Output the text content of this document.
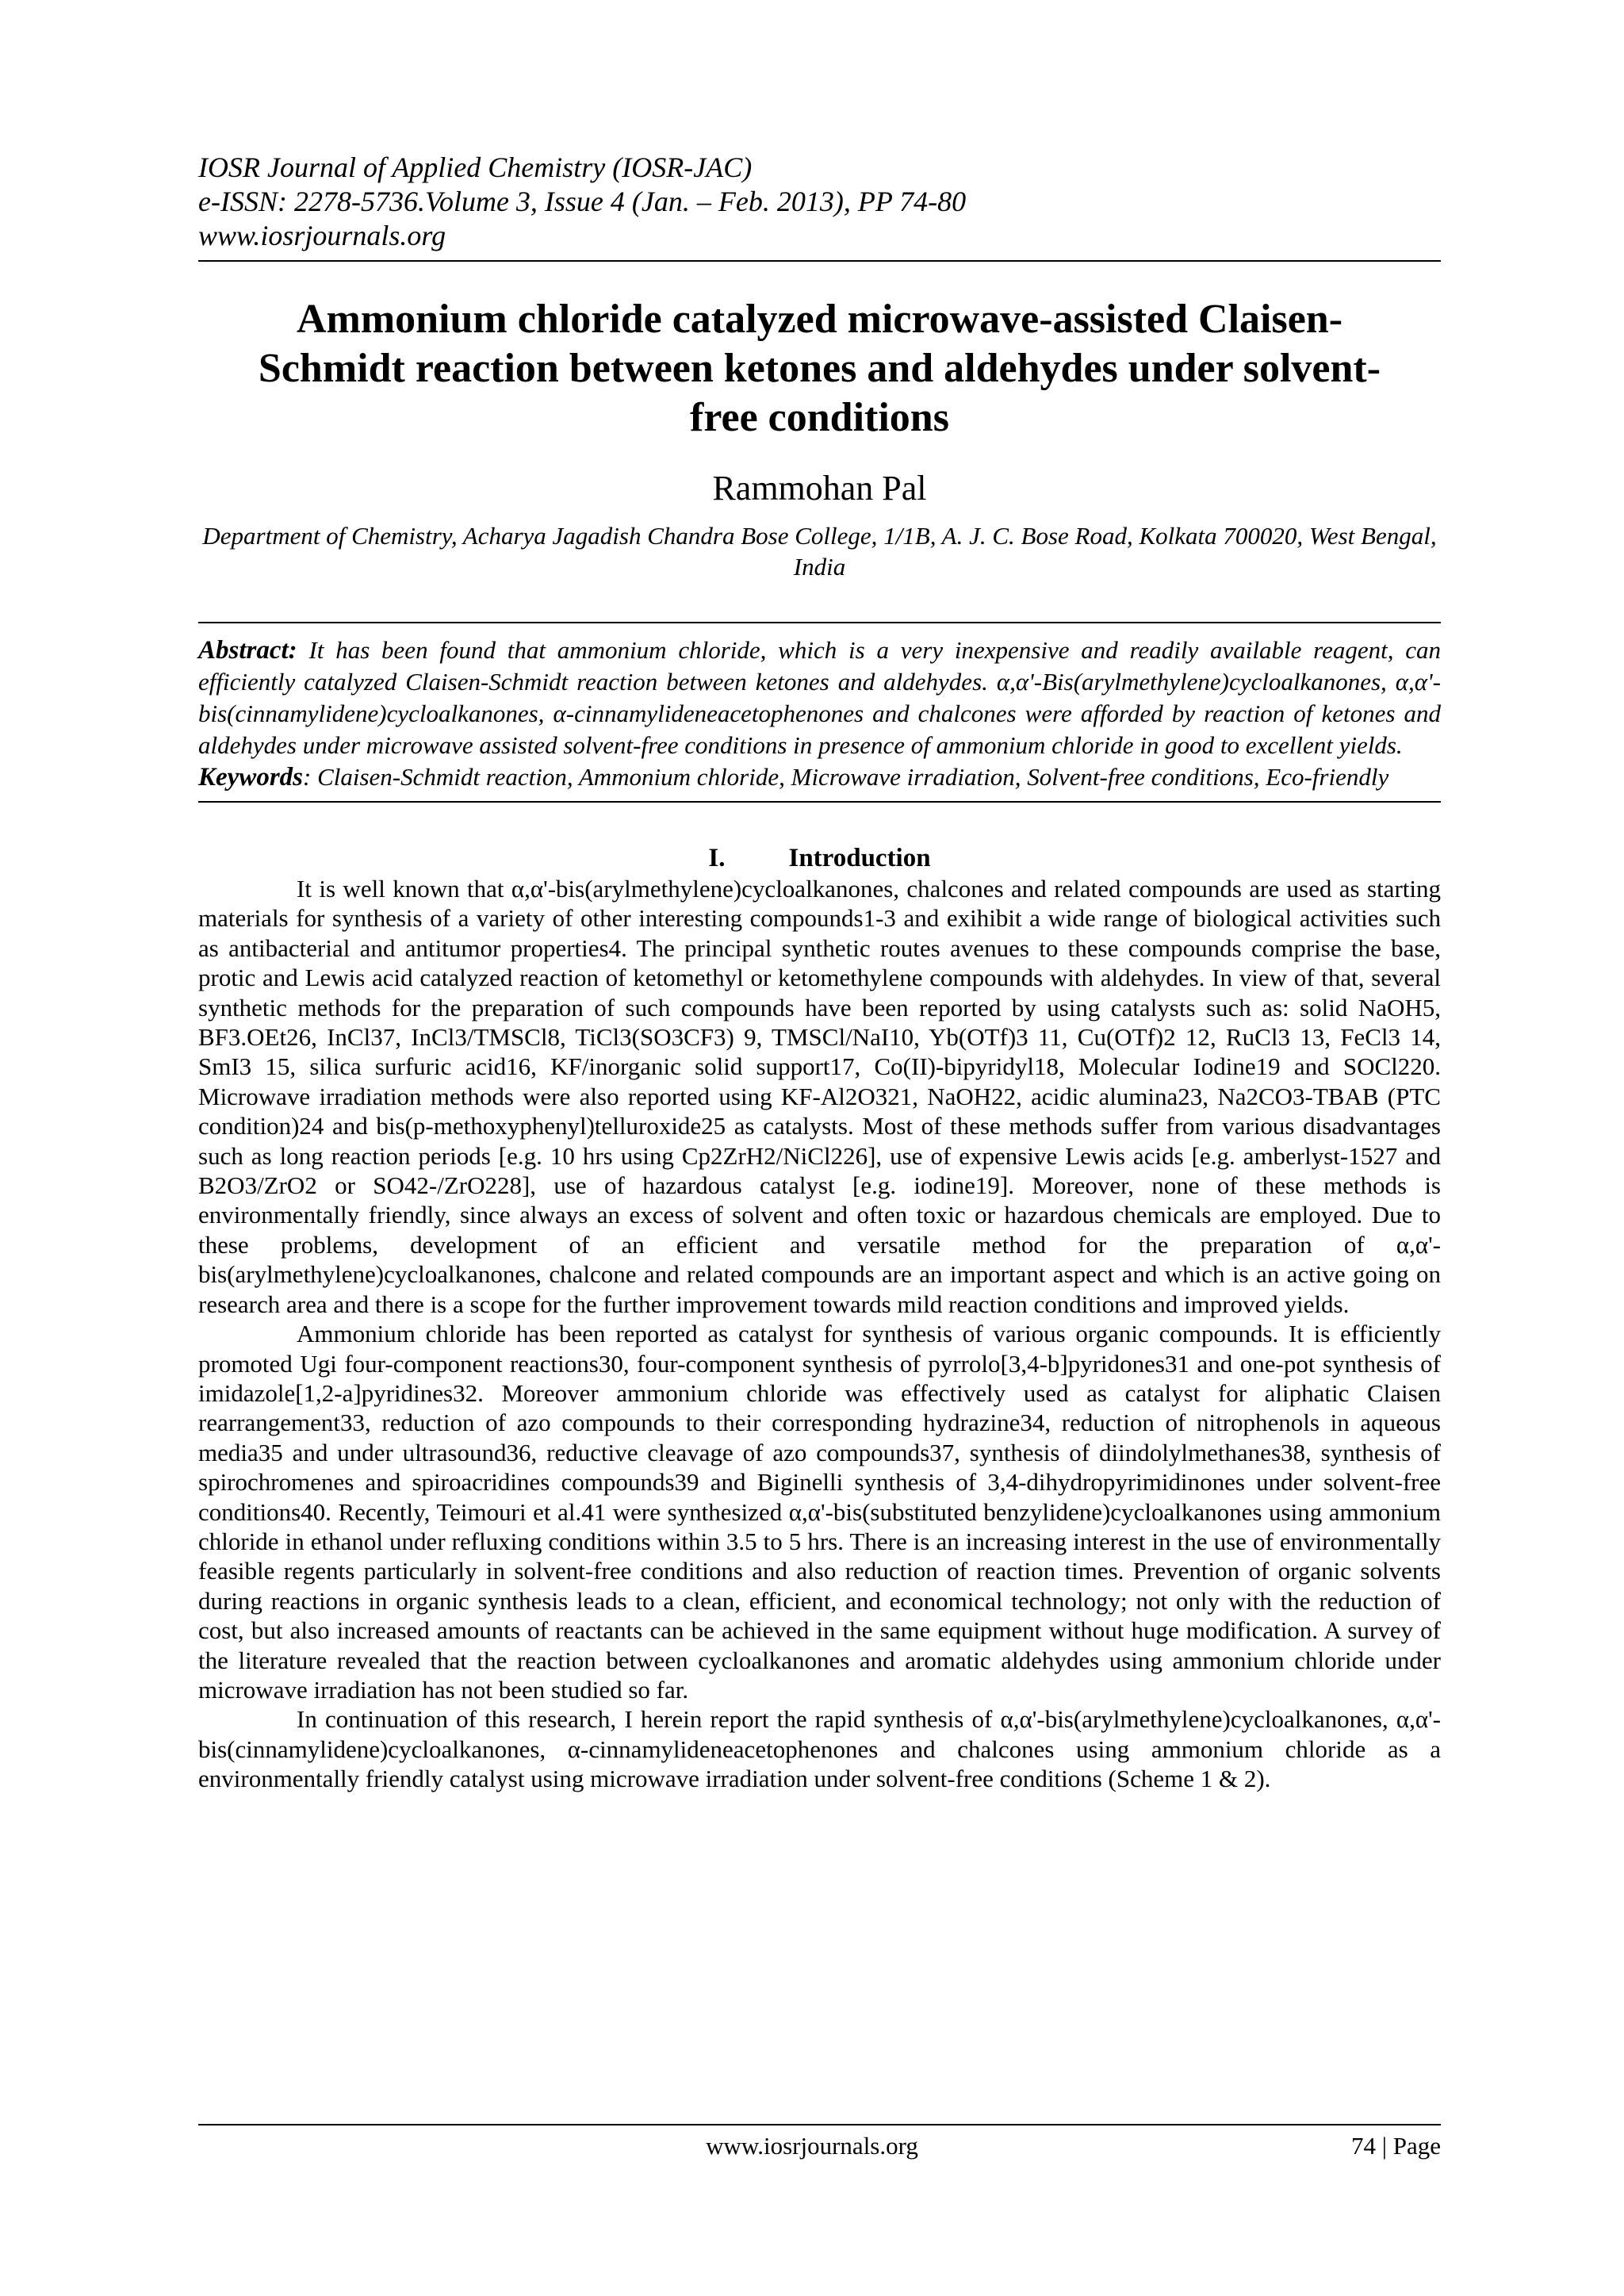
IOSR Journal of Applied Chemistry (IOSR-JAC)

e-ISSN: 2278-5736.Volume 3, Issue 4 (Jan. – Feb. 2013), PP 74-80

www.iosrjournals.org

Ammonium chloride catalyzed microwave-assisted Claisen-Schmidt reaction between ketones and aldehydes under solvent-free conditions
Rammohan Pal
Department of Chemistry, Acharya Jagadish Chandra Bose College, 1/1B, A. J. C. Bose Road, Kolkata 700020, West Bengal, India
Abstract: It has been found that ammonium chloride, which is a very inexpensive and readily available reagent, can efficiently catalyzed Claisen-Schmidt reaction between ketones and aldehydes. α,α'-Bis(arylmethylene)cycloalkanones, α,α'-bis(cinnamylidene)cycloalkanones, α-cinnamylideneacetophenones and chalcones were afforded by reaction of ketones and aldehydes under microwave assisted solvent-free conditions in presence of ammonium chloride in good to excellent yields.
Keywords: Claisen-Schmidt reaction, Ammonium chloride, Microwave irradiation, Solvent-free conditions, Eco-friendly
I. Introduction

It is well known that α,α'-bis(arylmethylene)cycloalkanones, chalcones and related compounds are used as starting materials for synthesis of a variety of other interesting compounds1-3 and exihibit a wide range of biological activities such as antibacterial and antitumor properties4. The principal synthetic routes avenues to these compounds comprise the base, protic and Lewis acid catalyzed reaction of ketomethyl or ketomethylene compounds with aldehydes. In view of that, several synthetic methods for the preparation of such compounds have been reported by using catalysts such as: solid NaOH5, BF3.OEt26, InCl37, InCl3/TMSCl8, TiCl3(SO3CF3) 9, TMSCl/NaI10, Yb(OTf)3 11, Cu(OTf)2 12, RuCl3 13, FeCl3 14, SmI3 15, silica surfuric acid16, KF/inorganic solid support17, Co(II)-bipyridyl18, Molecular Iodine19 and SOCl220. Microwave irradiation methods were also reported using KF-Al2O321, NaOH22, acidic alumina23, Na2CO3-TBAB (PTC condition)24 and bis(p-methoxyphenyl)telluroxide25 as catalysts. Most of these methods suffer from various disadvantages such as long reaction periods [e.g. 10 hrs using Cp2ZrH2/NiCl226], use of expensive Lewis acids [e.g. amberlyst-1527 and B2O3/ZrO2 or SO42-/ZrO228], use of hazardous catalyst [e.g. iodine19]. Moreover, none of these methods is environmentally friendly, since always an excess of solvent and often toxic or hazardous chemicals are employed. Due to these problems, development of an efficient and versatile method for the preparation of α,α'-bis(arylmethylene)cycloalkanones, chalcone and related compounds are an important aspect and which is an active going on research area and there is a scope for the further improvement towards mild reaction conditions and improved yields.

Ammonium chloride has been reported as catalyst for synthesis of various organic compounds. It is efficiently promoted Ugi four-component reactions30, four-component synthesis of pyrrolo[3,4-b]pyridones31 and one-pot synthesis of imidazole[1,2-a]pyridines32. Moreover ammonium chloride was effectively used as catalyst for aliphatic Claisen rearrangement33, reduction of azo compounds to their corresponding hydrazine34, reduction of nitrophenols in aqueous media35 and under ultrasound36, reductive cleavage of azo compounds37, synthesis of diindolylmethanes38, synthesis of spirochromenes and spiroacridines compounds39 and Biginelli synthesis of 3,4-dihydropyrimidinones under solvent-free conditions40. Recently, Teimouri et al.41 were synthesized α,α'-bis(substituted benzylidene)cycloalkanones using ammonium chloride in ethanol under refluxing conditions within 3.5 to 5 hrs. There is an increasing interest in the use of environmentally feasible regents particularly in solvent-free conditions and also reduction of reaction times. Prevention of organic solvents during reactions in organic synthesis leads to a clean, efficient, and economical technology; not only with the reduction of cost, but also increased amounts of reactants can be achieved in the same equipment without huge modification. A survey of the literature revealed that the reaction between cycloalkanones and aromatic aldehydes using ammonium chloride under microwave irradiation has not been studied so far.

In continuation of this research, I herein report the rapid synthesis of α,α'-bis(arylmethylene)cycloalkanones, α,α'-bis(cinnamylidene)cycloalkanones, α-cinnamylideneacetophenones and chalcones using ammonium chloride as a environmentally friendly catalyst using microwave irradiation under solvent-free conditions (Scheme 1 & 2).

www.iosrjournals.org	74 | Page
